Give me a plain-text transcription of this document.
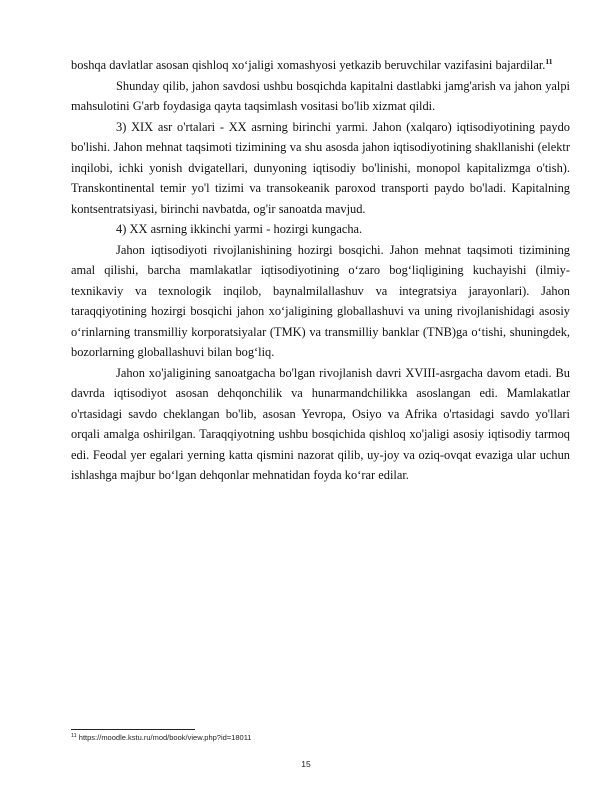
boshqa davlatlar asosan qishloq xo‘jaligi xomashyosi yetkazib beruvchilar vazifasini bajardilar.$^{11}$

Shunday qilib, jahon savdosi ushbu bosqichda kapitalni dastlabki jamg'arish va jahon yalpi mahsulotini G'arb foydasiga qayta taqsimlash vositasi bo'lib xizmat qildi.

3) XIX asr o'rtalari - XX asrning birinchi yarmi. Jahon (xalqaro) iqtisodiyotining paydo bo'lishi. Jahon mehnat taqsimoti tizimining va shu asosda jahon iqtisodiyotining shakllanishi (elektr inqilobi, ichki yonish dvigatellari, dunyoning iqtisodiy bo'linishi, monopol kapitalizmga o'tish). Transkontinental temir yo'l tizimi va transokeanik paroxod transporti paydo bo'ladi. Kapitalning kontsentratsiyasi, birinchi navbatda, og'ir sanoatda mavjud.

4) XX asrning ikkinchi yarmi - hozirgi kungacha.

Jahon iqtisodiyoti rivojlanishining hozirgi bosqichi. Jahon mehnat taqsimoti tizimining amal qilishi, barcha mamlakatlar iqtisodiyotining o‘zaro bog‘liqligining kuchayishi (ilmiy-texnikaviy va texnologik inqilob, baynalmilallashuv va integratsiya jarayonlari). Jahon taraqqiyotining hozirgi bosqichi jahon xo‘jaligining globallashuvi va uning rivojlanishidagi asosiy o‘rinlarning transmilliy korporatsiyalar (TMK) va transmilliy banklar (TNB)ga o‘tishi, shuningdek, bozorlarning globallashuvi bilan bog‘liq.

Jahon xo'jaligining sanoatgacha bo'lgan rivojlanish davri XVIII-asrgacha davom etadi. Bu davrda iqtisodiyot asosan dehqonchilik va hunarmandchilikka asoslangan edi. Mamlakatlar o'rtasidagi savdo cheklangan bo'lib, asosan Yevropa, Osiyo va Afrika o'rtasidagi savdo yo'llari orqali amalga oshirilgan. Taraqqiyotning ushbu bosqichida qishloq xo'jaligi asosiy iqtisodiy tarmoq edi. Feodal yer egalari yerning katta qismini nazorat qilib, uy-joy va oziq-ovqat evaziga ular uchun ishlashga majbur bo‘lgan dehqonlar mehnatidan foyda ko‘rar edilar.

$^{11}$ https://moodle.kstu.ru/mod/book/view.php?id=18011
15
